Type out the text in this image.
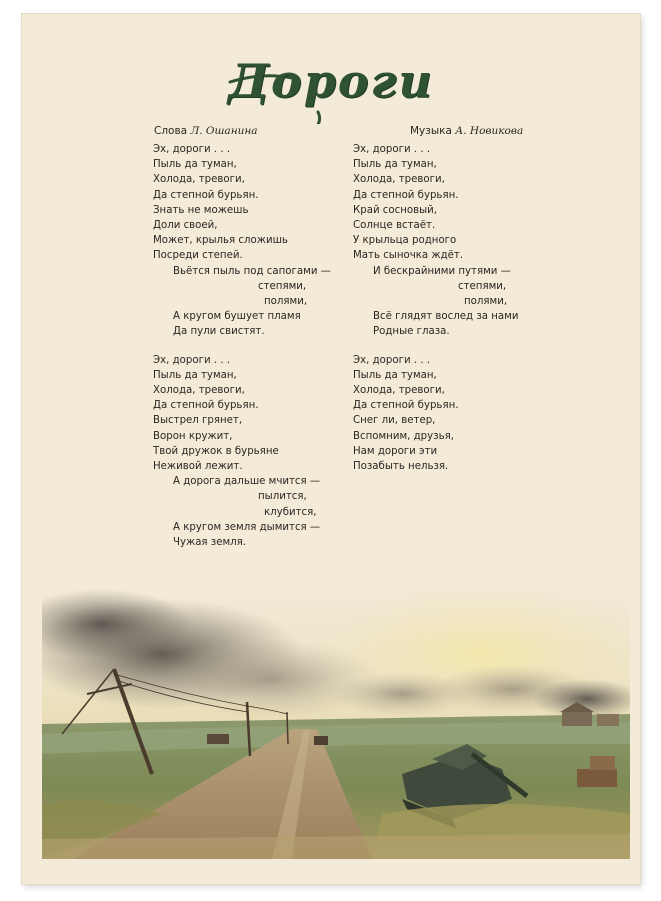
Дороги
Слова Л. Ошанина	Музыка А. Новикова
Эх, дороги . . .
Пыль да туман,
Холода, тревоги,
Да степной бурьян.
Знать не можешь
Доли своей,
Может, крылья сложишь
Посреди степей.
Вьётся пыль под сапогами —
степями,
полями,
А кругом бушует пламя
Да пули свистят.
Эх, дороги . . .
Пыль да туман,
Холода, тревоги,
Да степной бурьян.
Выстрел грянет,
Ворон кружит,
Твой дружок в бурьяне
Неживой лежит.
А дорога дальше мчится —
пылится,
клубится,
А кругом земля дымится —
Чужая земля.
Эх, дороги . . .
Пыль да туман,
Холода, тревоги,
Да степной бурьян.
Край сосновый,
Солнце встаёт.
У крыльца родного
Мать сыночка ждёт.
И бескрайними путями —
степями,
полями,
Всё глядят вослед за нами
Родные глаза.
Эх, дороги . . .
Пыль да туман,
Холода, тревоги,
Да степной бурьян.
Снег ли, ветер,
Вспомним, друзья,
Нам дороги эти
Позабыть нельзя.
